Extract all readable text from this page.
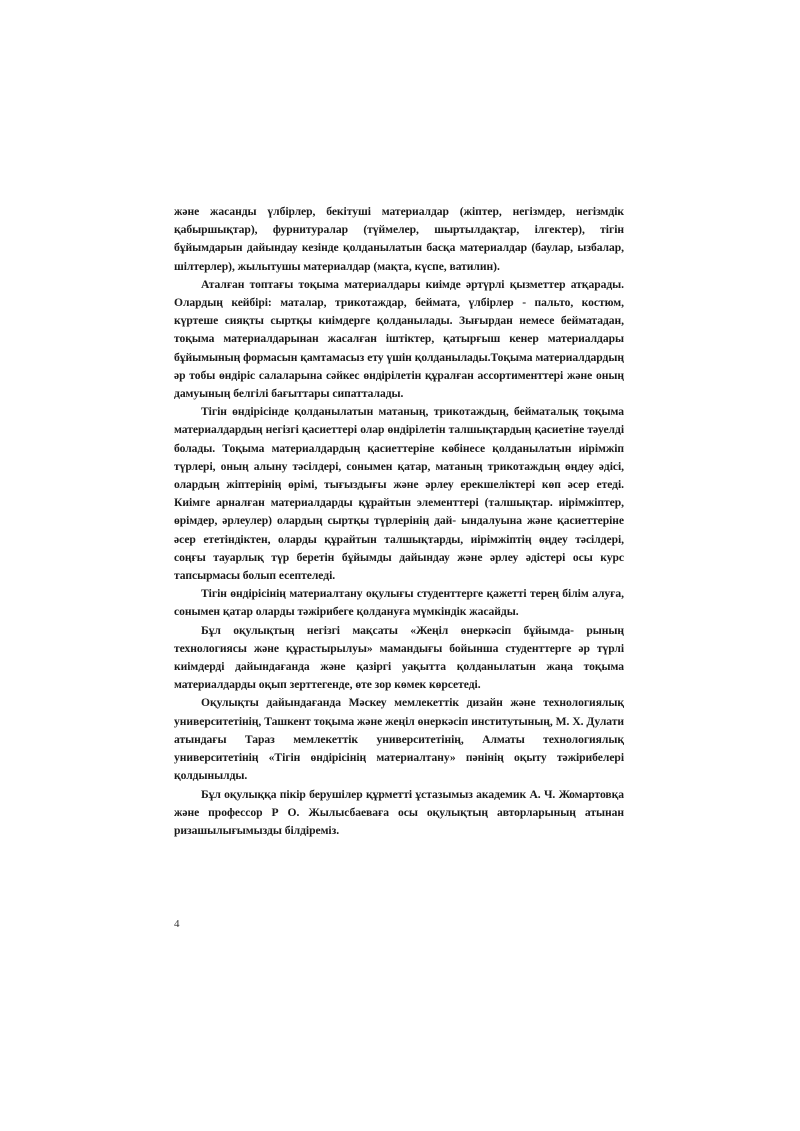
және жасанды үлбірлер, бекітуші материалдар (жіптер, негізмдер, негізмдік қабыршықтар), фурнитуралар (түймелер, шыртылдақтар, ілгектер), тігін бұйымдарын дайындау кезінде қолданылатын басқа материалдар (баулар, ызбалар, шілтерлер), жылытушы материалдар (мақта, күспе, ватилин).

Аталған топтағы тоқыма материалдары киімде әртүрлі қызметтер атқарады. Олардың кейбірі: маталар, трикотаждар, беймата, үлбірлер - пальто, костюм, күртеше сияқты сыртқы киімдерге қолданылады. Зығырдан немесе бейматадан, тоқыма материалдарынан жасалған іштіктер, қатырғыш кенер материалдары бұйымының формасын қамтамасыз ету үшін қолданылады.Тоқыма материалдардың әр тобы өндіріс салаларына сәйкес өндірілетін құралған ассортименттері және оның дамуының белгілі бағыттары сипатталады.

Тігін өндірісінде қолданылатын матаның, трикотаждың, бейматалық тоқыма материалдардың негізгі қасиеттері олар өндірілетін талшықтардың қасиетіне тәуелді болады. Тоқыма материалдардың қасиеттеріне көбінесе қолданылатын иірімжіп түрлері, оның алыну тәсілдері, сонымен қатар, матаның трикотаждың өңдеу әдісі, олардың жіптерінің өрімі, тығыздығы және әрлеу ерекшеліктері көп әсер етеді. Киімге арналған материалдарды құрайтын элементтері (талшықтар. иірімжіптер, өрімдер, әрлеулер) олардың сыртқы түрлерінің дай- ындалуына және қасиеттеріне әсер ететіндіктен, оларды құрайтын талшықтарды, иірімжіптің өңдеу тәсілдері, соңғы тауарлық түр беретін бұйымды дайындау және әрлеу әдістері осы курс тапсырмасы болып есептеледі.

Тігін өндірісінің материалтану оқулығы студенттерге қажетті терең білім алуға, сонымен қатар оларды тәжірибеге қолдануға мүмкіндік жасайды.

Бұл оқулықтың негізгі мақсаты «Жеңіл өнеркәсіп бұйымда- рының технологиясы және құрастырылуы» мамандығы бойынша студенттерге әр түрлі киімдерді дайындағанда және қазіргі уақытта қолданылатын жаңа тоқыма материалдарды оқып зерттегенде, өте зор көмек көрсетеді.

Оқулықты дайындағанда Мәскеу мемлекеттік дизайн және технологиялық университетінің, Ташкент тоқыма және жеңіл өнеркәсіп институтының, М. Х. Дулати атындағы Тараз мемлекеттік университетінің, Алматы технологиялық университетінің «Тігін өндірісінің материалтану» пәнінің оқыту тәжірибелері қолдынылды.

Бұл оқулыққа пікір берушілер құрметті ұстазымыз академик А. Ч. Жомартовқа және профессор Р О. Жылысбаеваға осы оқулықтың авторларының атынан ризашылығымызды білдіреміз.

4
